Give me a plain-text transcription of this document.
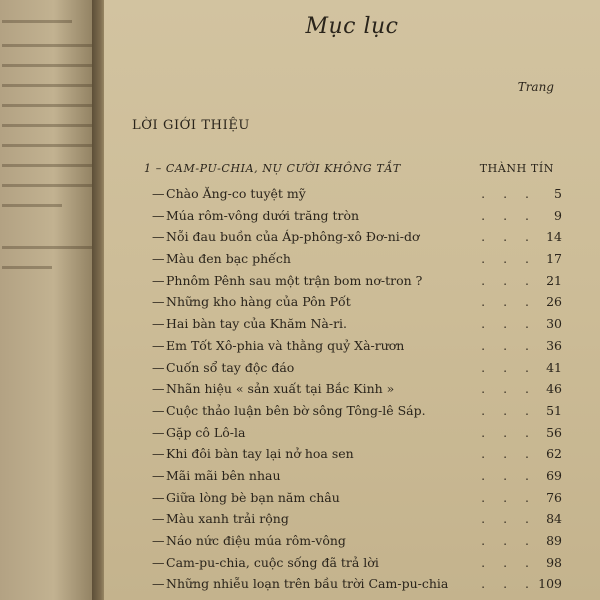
Mục lục
Trang
LỜI GIỚI THIỆU
1 – CAM-PU-CHIA, NỤ CƯỜI KHÔNG TẮT	THÀNH TÍN
— Chào Ăng-co tuyệt mỹ	. . .	5
— Múa rôm-vông dưới trăng tròn	. . .	9
— Nỗi đau buồn của Áp-phông-xô Đơ-ni-dơ	. . . 14
— Màu đen bạc phếch	. . . 17
— Phnôm Pênh sau một trận bom nơ-tron ?	. . . 21
— Những kho hàng của Pôn Pốt	. . . 26
— Hai bàn tay của Khăm Nà-ri.	. . . 30
— Em Tốt Xô-phia và thằng quỷ Xà-rươn	. . . 36
— Cuốn sổ tay độc đáo	. . . 41
— Nhãn hiệu « sản xuất tại Bắc Kinh »	. . . 46
— Cuộc thảo luận bên bờ sông Tông-lê Sáp.	. . . 51
— Gặp cô Lô-la	. . . 56
— Khi đôi bàn tay lại nở hoa sen	. . . 62
— Mãi mãi bên nhau	. . . 69
— Giữa lòng bè bạn năm châu	. . . 76
— Màu xanh trải rộng	. . . 84
— Náo nức điệu múa rôm-vông	. . . 89
— Cam-pu-chia, cuộc sống đã trả lời	. . . 98
— Những nhiễu loạn trên bầu trời Cam-pu-chia	. . . 109
